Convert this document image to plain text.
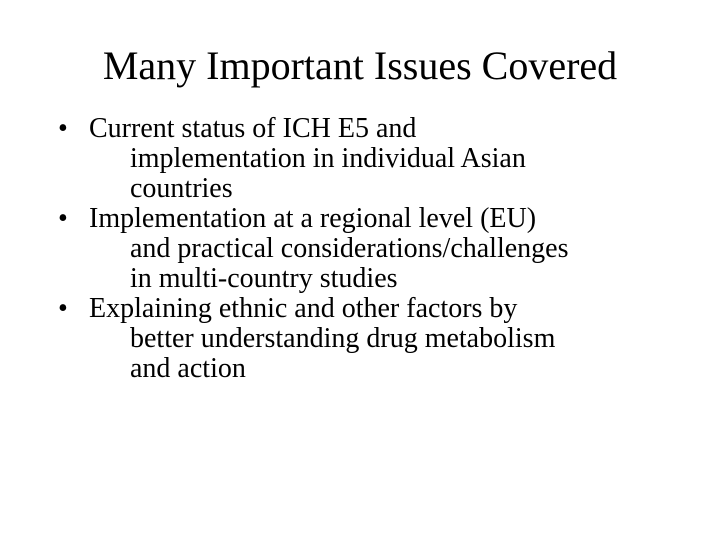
Many Important Issues Covered
• Current status of ICH E5 and
implementation in individual Asian
countries
• Implementation at a regional level (EU)
and practical considerations/challenges
in multi-country studies
• Explaining ethnic and other factors by
better understanding drug metabolism
and action
